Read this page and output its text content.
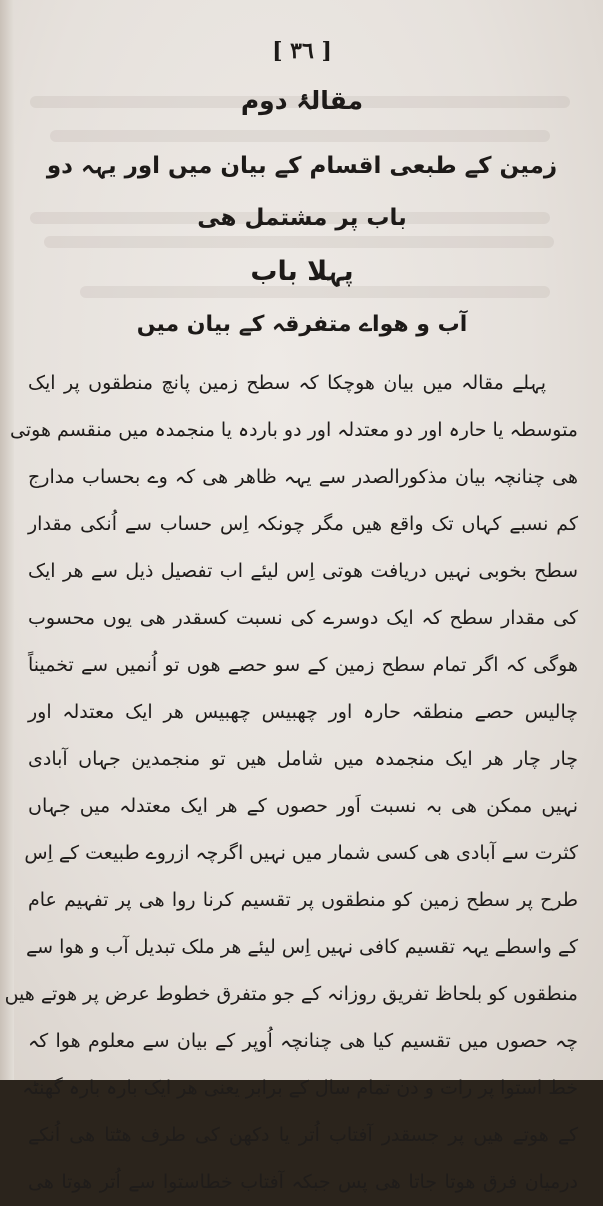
[ ٣٦ ]
مقالۂ دوم
زمین کے طبعی اقسام کے بیان میں اور یہہ دو باب پر مشتمل ھی
پہلا باب
آب و ھواے متفرقہ کے بیان میں
پہلے مقالہ میں بیان ھوچکا کہ سطح زمین پانچ منطقوں پر ایک
متوسطہ یا حارہ اور دو معتدلہ اور دو باردہ یا منجمدہ میں منقسم ھوتی
ھی چنانچہ بیان مذکورالصدر سے یہہ ظاھر ھی کہ وے بحساب مدارج
کم نسبے کہاں تک واقع ھیں مگر چونکہ اِس حساب سے اُنکی مقدار
سطح بخوبی نہیں دریافت ھوتی اِس لیئے اب تفصیل ذیل سے ھر ایک
کی مقدار سطح کہ ایک دوسرے کی نسبت کسقدر ھی یوں محسوب
ھوگی کہ اگر تمام سطح زمین کے سو حصے ھوں تو اُنمیں سے تخمیناً
چالیس حصے منطقہ حارہ اور چھبیس چھبیس ھر ایک معتدلہ اور
چار چار ھر ایک منجمدہ میں شامل ھیں تو منجمدین جہاں آبادی
نہیں ممکن ھی بہ نسبت اَور حصوں کے ھر ایک معتدلہ میں جہاں
کثرت سے آبادی ھی کسی شمار میں نہیں اگرچہ ازروے طبیعت کے اِس
طرح پر سطح زمین کو منطقوں پر تقسیم کرنا روا ھی پر تفہیم عام
کے واسطے یہہ تقسیم کافی نہیں اِس لیئے ھر ملک تبدیل آب و ھوا سے
منطقوں کو بلحاظ تفریق روزانہ کے جو متفرق خطوط عرض پر ھوتے ھیں
چہ حصوں میں تقسیم کیا ھی چنانچہ اُوپر کے بیان سے معلوم ھوا کہ
خط استوا پر رات و دن تمام سال کے برابر یعنی ھر ایک بارہ بارہ گھنٹہ
کے ھوتے ھیں پر جسقدر آفتاب اُتر یا دکھن کی طرف ھٹتا ھی اُنکے
درمیان فرق ھوتا جاتا ھی پس جبکہ آفتاب خطاستوا سے اُتر ھوتا ھی
